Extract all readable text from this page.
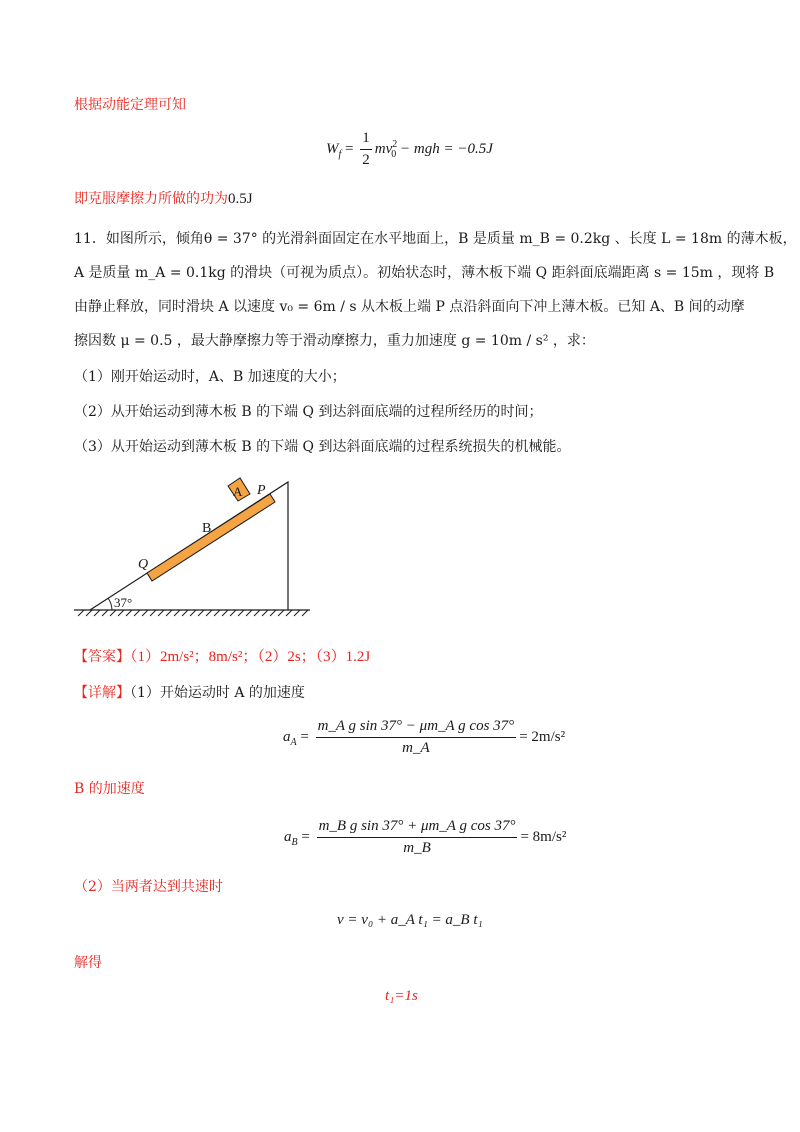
根据动能定理可知
$W_f = \frac{1}{2} mv^2_0$ − mgh = −0.5J
即克服摩擦力所做的功为0.5J
11．如图所示，倾角θ = 37° 的光滑斜面固定在水平地面上，B 是质量 m_B = 0.2kg 、长度 L = 18m 的薄木板，
A 是质量 m_A = 0.1kg 的滑块（可视为质点）。初始状态时，薄木板下端 Q 距斜面底端距离 s = 15m ，现将 B
由静止释放，同时滑块 A 以速度 v₀ = 6m / s 从木板上端 P 点沿斜面向下冲上薄木板。已知 A、B 间的动摩
擦因数 μ = 0.5 ，最大静摩擦力等于滑动摩擦力，重力加速度 g = 10m / s² ，求：
（1）刚开始运动时，A、B 加速度的大小；
（2）从开始运动到薄木板 B 的下端 Q 到达斜面底端的过程所经历的时间；
（3）从开始运动到薄木板 B 的下端 Q 到达斜面底端的过程系统损失的机械能。
37°
B
Q
A P
【答案】（1）2m/s²；8m/s²；（2）2s；（3）1.2J
【详解】（1）开始运动时 A 的加速度
$a_A = \frac{\text{m\_A g sin 37° − μm\_A g cos 37°}}{m\_A} = 2m/s^2$
B 的加速度
$a_B = \frac{\text{m\_B g sin 37° + μm\_A g cos 37°}}{m\_B} = 8m/s^2$
（2）当两者达到共速时
v = v₀ + a_A t₁ = a_B t₁
解得
t₁=1s
